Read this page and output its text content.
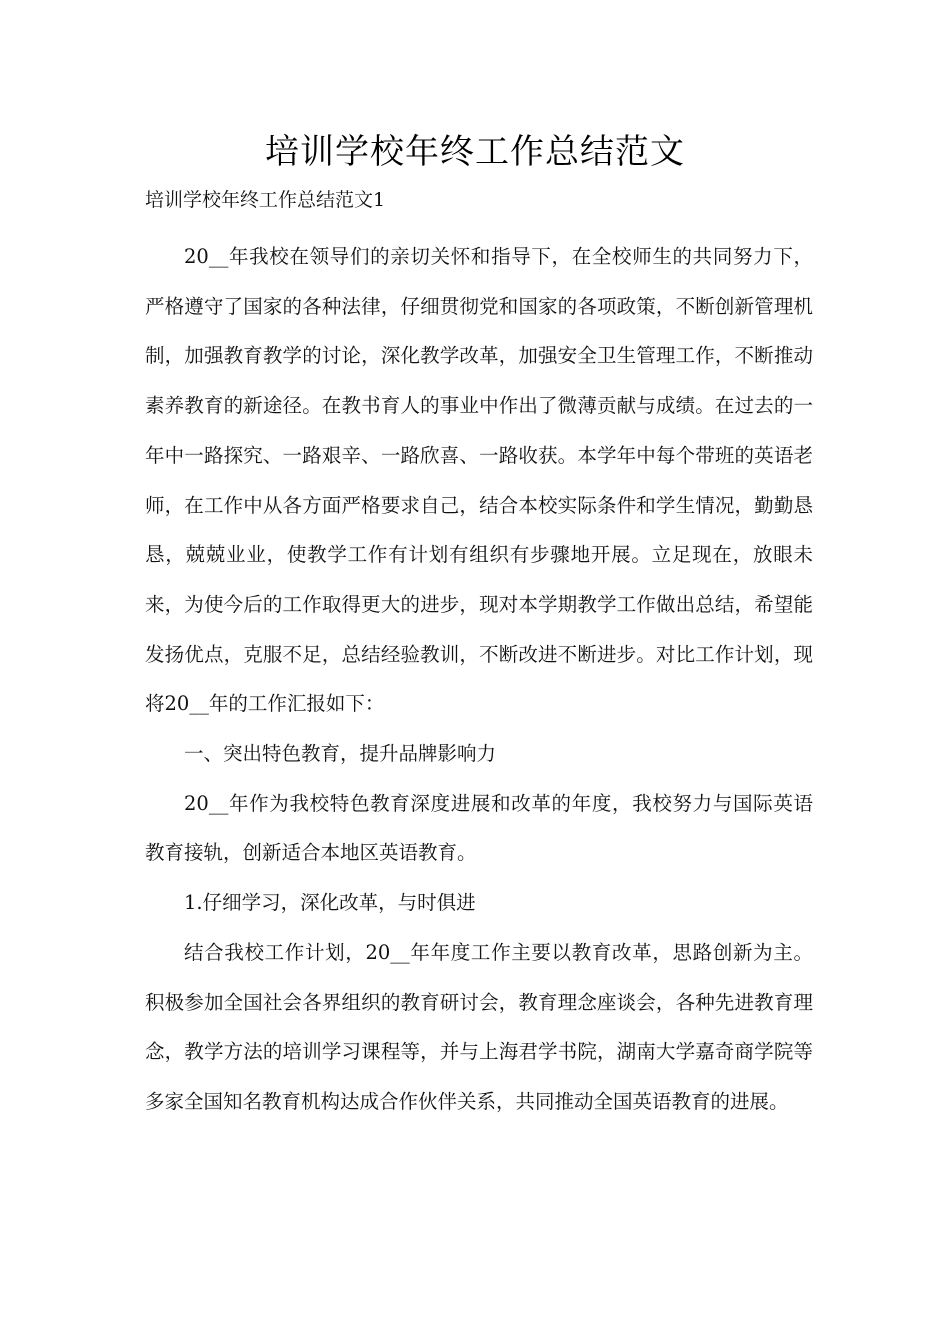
培训学校年终工作总结范文
培训学校年终工作总结范文1

20__年我校在领导们的亲切关怀和指导下，在全校师生的共同努力下，严格遵守了国家的各种法律，仔细贯彻党和国家的各项政策，不断创新管理机制，加强教育教学的讨论，深化教学改革，加强安全卫生管理工作，不断推动素养教育的新途径。在教书育人的事业中作出了微薄贡献与成绩。在过去的一年中一路探究、一路艰辛、一路欣喜、一路收获。本学年中每个带班的英语老师，在工作中从各方面严格要求自己，结合本校实际条件和学生情况，勤勤恳恳，兢兢业业，使教学工作有计划有组织有步骤地开展。立足现在，放眼未来，为使今后的工作取得更大的进步，现对本学期教学工作做出总结，希望能发扬优点，克服不足，总结经验教训，不断改进不断进步。对比工作计划，现将20__年的工作汇报如下：

一、突出特色教育，提升品牌影响力

20__年作为我校特色教育深度进展和改革的年度，我校努力与国际英语教育接轨，创新适合本地区英语教育。

1.仔细学习，深化改革，与时俱进

结合我校工作计划，20__年年度工作主要以教育改革，思路创新为主。积极参加全国社会各界组织的教育研讨会，教育理念座谈会，各种先进教育理念，教学方法的培训学习课程等，并与上海君学书院，湖南大学嘉奇商学院等多家全国知名教育机构达成合作伙伴关系，共同推动全国英语教育的进展。
